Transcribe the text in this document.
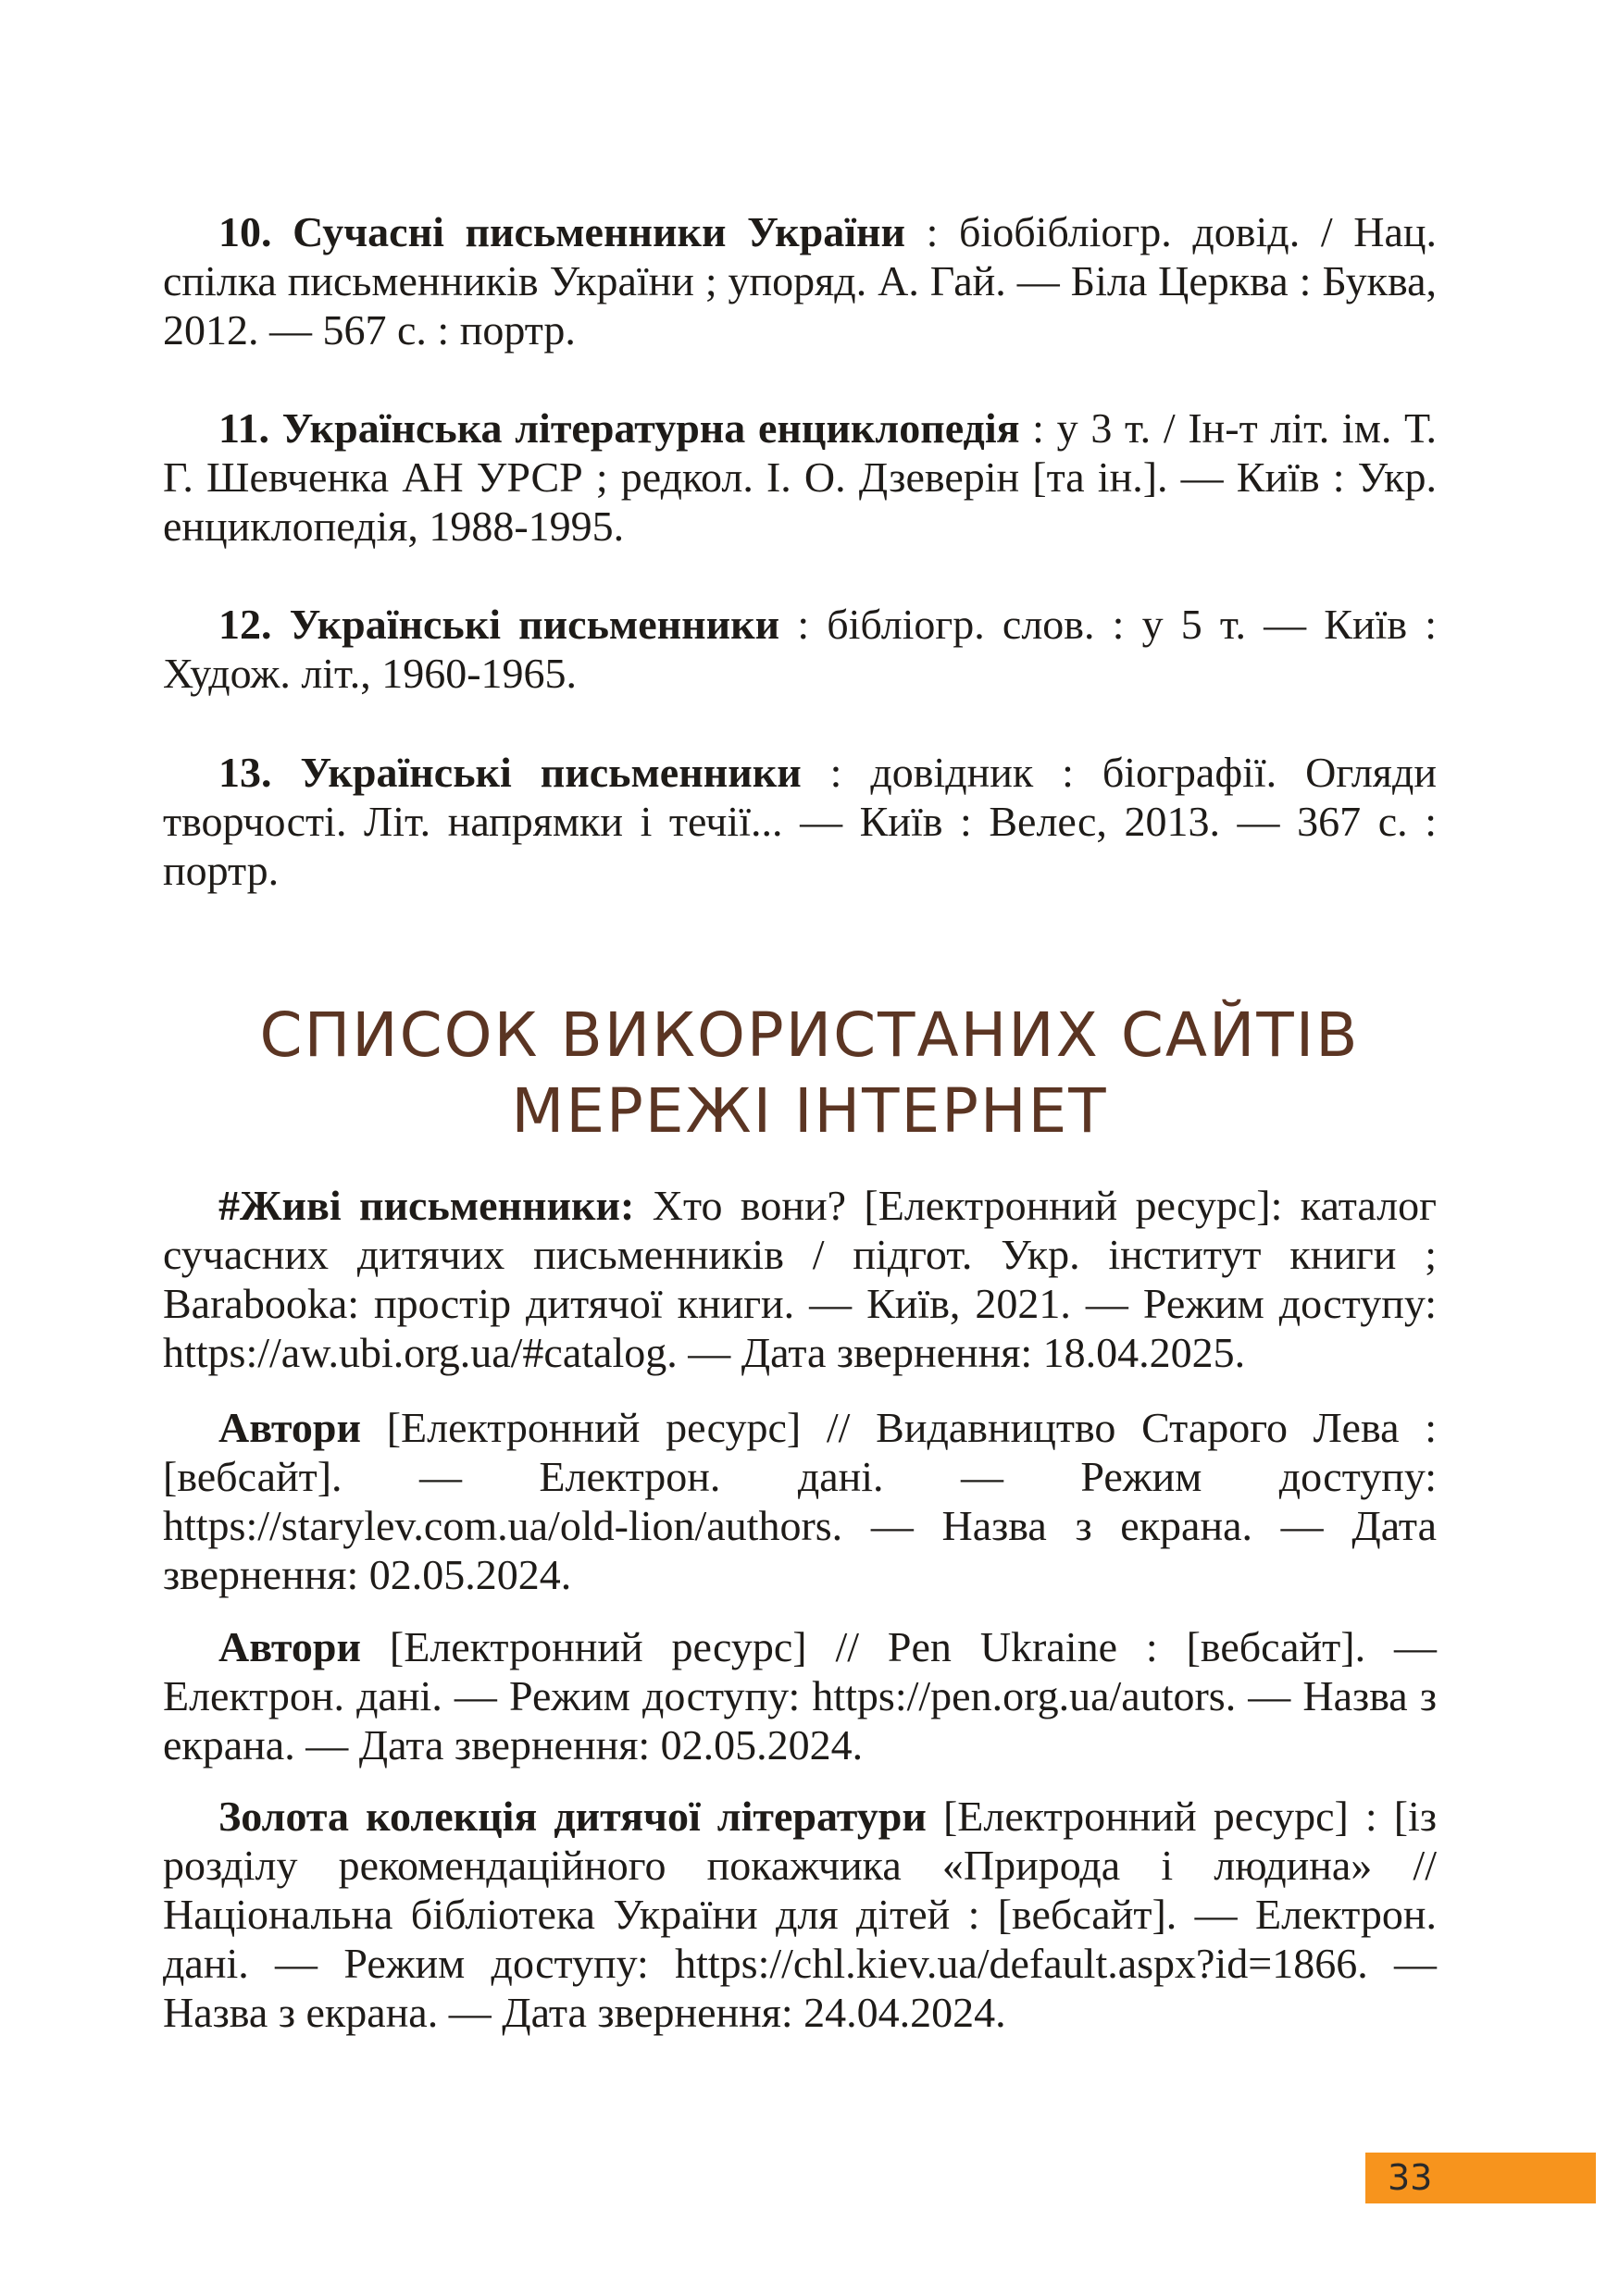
10. Сучасні письменники України : біобібліогр. довід. / Нац. спілка письменників України ; упоряд. А. Гай. — Біла Церква : Буква, 2012. — 567 с. : портр.

11. Українська літературна енциклопедія : у 3 т. / Ін-т літ. ім. Т. Г. Шевченка АН УРСР ; редкол. І. О. Дзеверін [та ін.]. — Київ : Укр. енциклопедія, 1988-1995.

12. Українські письменники : бібліогр. слов. : у 5 т. — Київ : Худож. літ., 1960-1965.

13. Українські письменники : довідник : біографії. Огляди творчості. Літ. напрямки і течії... — Київ : Велес, 2013. — 367 с. : портр.

СПИСОК ВИКОРИСТАНИХ САЙТІВ
МЕРЕЖІ ІНТЕРНЕТ

#Живі письменники: Хто вони? [Електронний ресурс]: каталог сучасних дитячих письменників / підгот. Укр. інститут книги ; Barabooka: простір дитячої книги. — Київ, 2021. — Режим доступу: https://aw.ubi.org.ua/#catalog. — Дата звернення: 18.04.2025.

Автори [Електронний ресурс] // Видавництво Старого Лева : [вебсайт]. — Електрон. дані. — Режим доступу: https://starylev.com.ua/old-lion/authors. — Назва з екрана. — Дата звернення: 02.05.2024.

Автори [Електронний ресурс] // Pen Ukraine : [вебсайт]. — Електрон. дані. — Режим доступу: https://pen.org.ua/autors. — Назва з екрана. — Дата звернення: 02.05.2024.

Золота колекція дитячої літератури [Електронний ресурс] : [із розділу рекомендаційного покажчика «Природа і людина» // Національна бібліотека України для дітей : [вебсайт]. — Електрон. дані. — Режим доступу: https://chl.kiev.ua/default.aspx?id=1866. — Назва з екрана. — Дата звернення: 24.04.2024.

33
